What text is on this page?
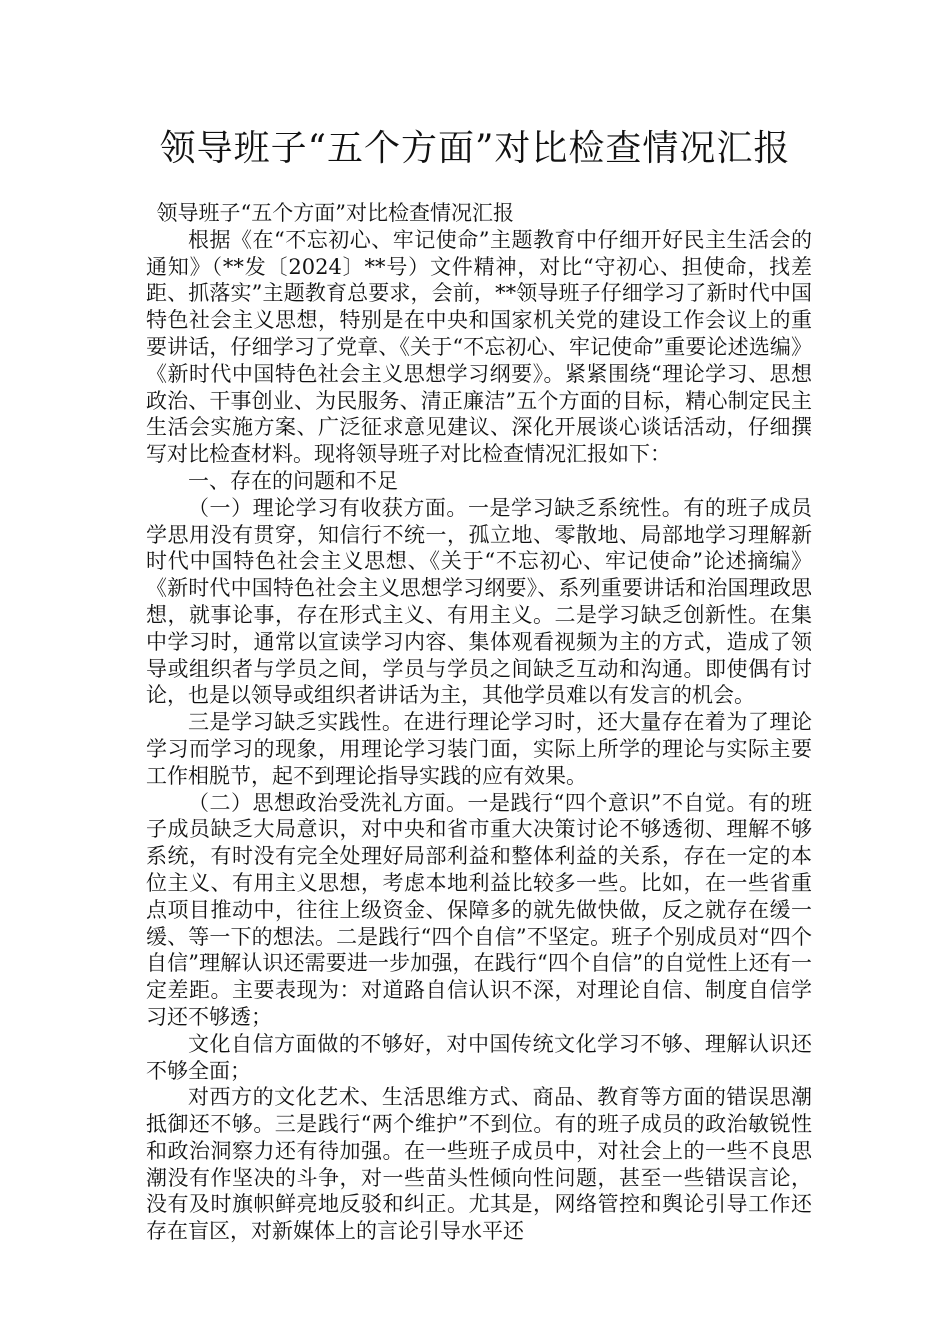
领导班子“五个方面”对比检查情况汇报

领导班子“五个方面”对比检查情况汇报

根据《在“不忘初心、牢记使命”主题教育中仔细开好民主生活会的通知》（**发〔2024〕**号）文件精神，对比“守初心、担使命，找差距、抓落实”主题教育总要求，会前，**领导班子仔细学习了新时代中国特色社会主义思想，特别是在中央和国家机关党的建设工作会议上的重要讲话，仔细学习了党章、《关于“不忘初心、牢记使命”重要论述选编》《新时代中国特色社会主义思想学习纲要》。紧紧围绕“理论学习、思想政治、干事创业、为民服务、清正廉洁”五个方面的目标，精心制定民主生活会实施方案、广泛征求意见建议、深化开展谈心谈话活动，仔细撰写对比检查材料。现将领导班子对比检查情况汇报如下：

一、存在的问题和不足

（一）理论学习有收获方面。一是学习缺乏系统性。有的班子成员学思用没有贯穿，知信行不统一，孤立地、零散地、局部地学习理解新时代中国特色社会主义思想、《关于“不忘初心、牢记使命”论述摘编》《新时代中国特色社会主义思想学习纲要》、系列重要讲话和治国理政思想，就事论事，存在形式主义、有用主义。二是学习缺乏创新性。在集中学习时，通常以宣读学习内容、集体观看视频为主的方式，造成了领导或组织者与学员之间，学员与学员之间缺乏互动和沟通。即使偶有讨论，也是以领导或组织者讲话为主，其他学员难以有发言的机会。

三是学习缺乏实践性。在进行理论学习时，还大量存在着为了理论学习而学习的现象，用理论学习装门面，实际上所学的理论与实际主要工作相脱节，起不到理论指导实践的应有效果。

（二）思想政治受洗礼方面。一是践行“四个意识”不自觉。有的班子成员缺乏大局意识，对中央和省市重大决策讨论不够透彻、理解不够系统，有时没有完全处理好局部利益和整体利益的关系，存在一定的本位主义、有用主义思想，考虑本地利益比较多一些。比如，在一些省重点项目推动中，往往上级资金、保障多的就先做快做，反之就存在缓一缓、等一下的想法。二是践行“四个自信”不坚定。班子个别成员对“四个自信”理解认识还需要进一步加强，在践行“四个自信”的自觉性上还有一定差距。主要表现为：对道路自信认识不深，对理论自信、制度自信学习还不够透；

文化自信方面做的不够好，对中国传统文化学习不够、理解认识还不够全面；

对西方的文化艺术、生活思维方式、商品、教育等方面的错误思潮抵御还不够。三是践行“两个维护”不到位。有的班子成员的政治敏锐性和政治洞察力还有待加强。在一些班子成员中，对社会上的一些不良思潮没有作坚决的斗争，对一些苗头性倾向性问题，甚至一些错误言论，没有及时旗帜鲜亮地反驳和纠正。尤其是，网络管控和舆论引导工作还存在盲区，对新媒体上的言论引导水平还
